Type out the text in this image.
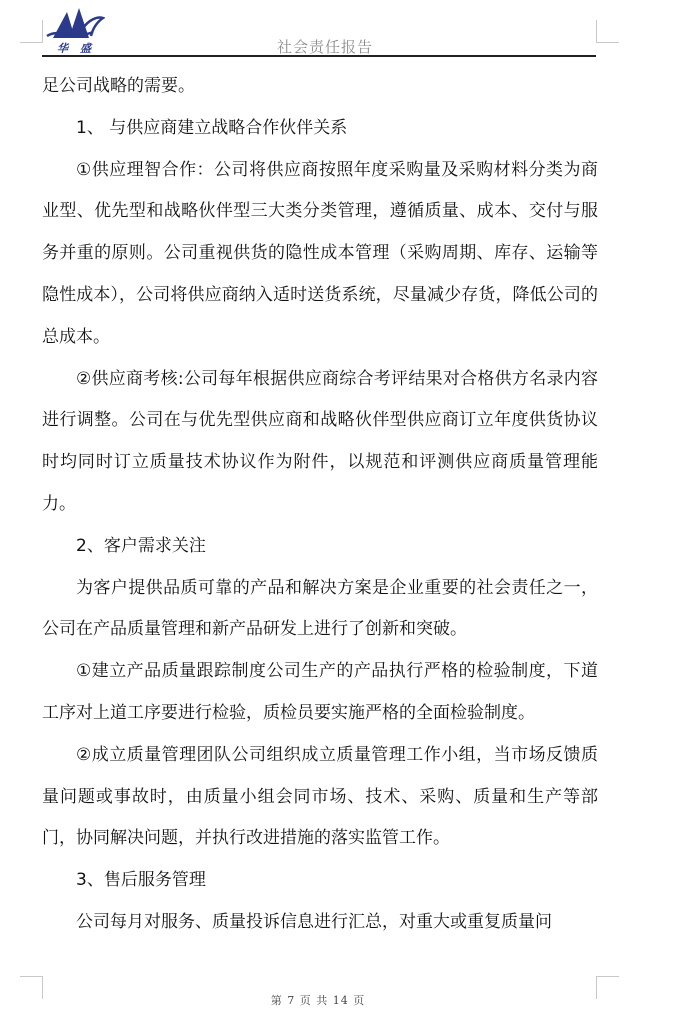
华盛	社会责任报告

足公司战略的需要。

1、 与供应商建立战略合作伙伴关系

①供应理智合作：公司将供应商按照年度采购量及采购材料分类为商业型、优先型和战略伙伴型三大类分类管理，遵循质量、成本、交付与服务并重的原则。公司重视供货的隐性成本管理（采购周期、库存、运输等隐性成本），公司将供应商纳入适时送货系统，尽量减少存货，降低公司的总成本。

②供应商考核:公司每年根据供应商综合考评结果对合格供方名录内容进行调整。公司在与优先型供应商和战略伙伴型供应商订立年度供货协议时均同时订立质量技术协议作为附件，以规范和评测供应商质量管理能力。

2、客户需求关注

为客户提供品质可靠的产品和解决方案是企业重要的社会责任之一，公司在产品质量管理和新产品研发上进行了创新和突破。

①建立产品质量跟踪制度公司生产的产品执行严格的检验制度，下道工序对上道工序要进行检验，质检员要实施严格的全面检验制度。

②成立质量管理团队公司组织成立质量管理工作小组，当市场反馈质量问题或事故时，由质量小组会同市场、技术、采购、质量和生产等部门，协同解决问题，并执行改进措施的落实监管工作。

3、售后服务管理

公司每月对服务、质量投诉信息进行汇总，对重大或重复质量问

第 7 页 共 14 页
